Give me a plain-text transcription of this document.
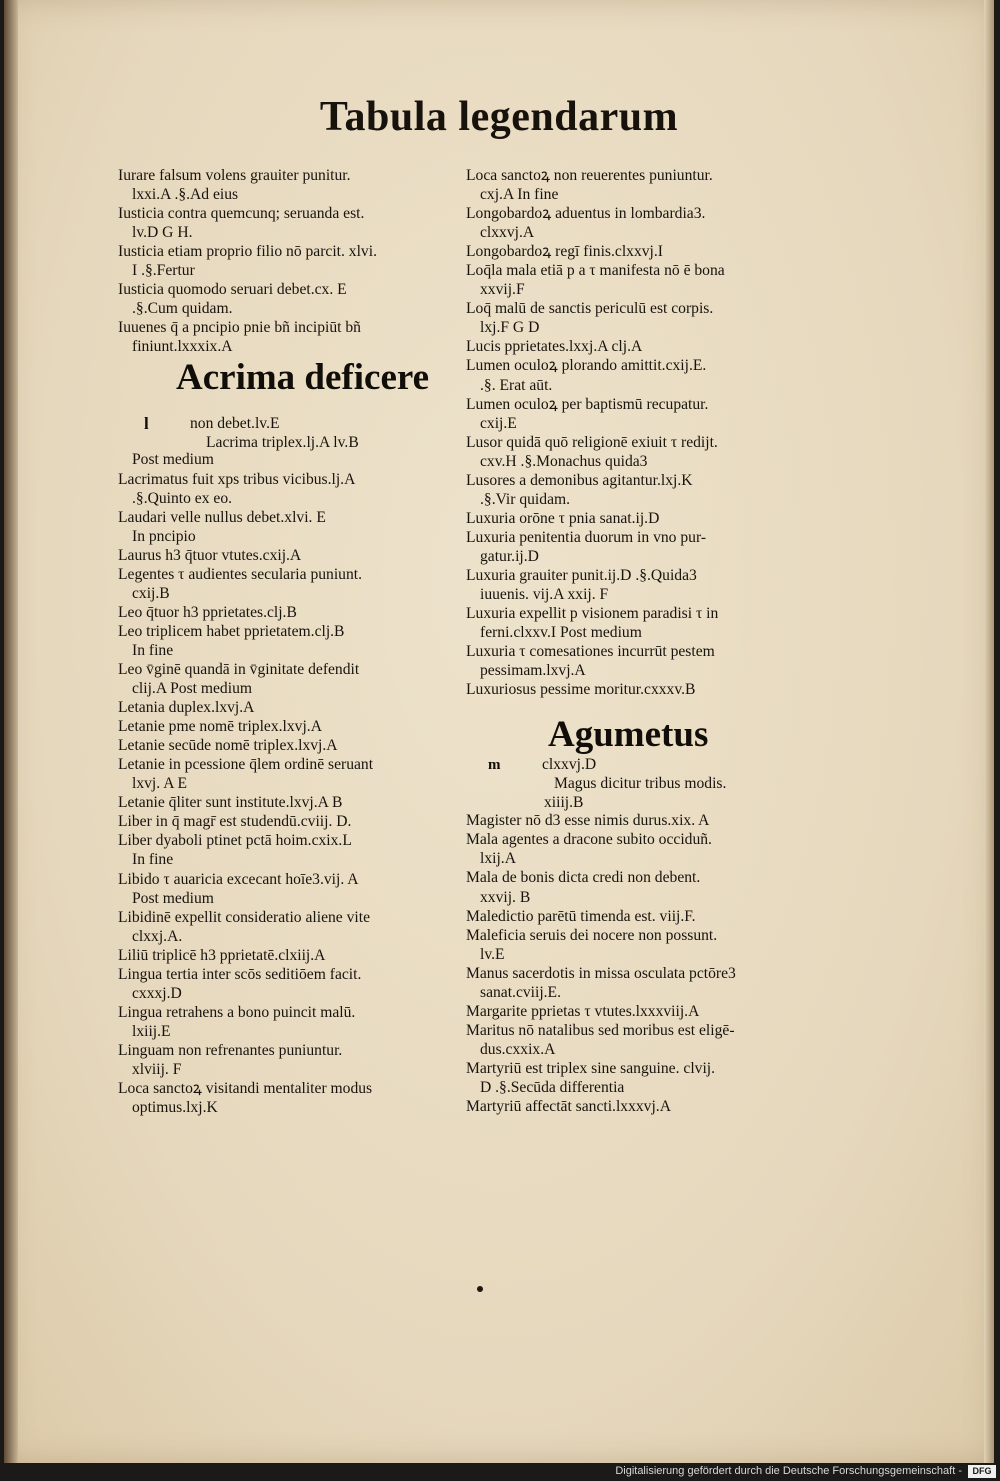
Tabula legendarum
Iurare falsum volens grauiter punitur.
lxxi.A .§.Ad eius
Iusticia contra quemcunq; seruanda est.
lv.D G H.
Iusticia etiam proprio filio nō parcit. xlvi.
I .§.Fertur
Iusticia quomodo seruari debet.cx. E
.§.Cum quidam.
Iuuenes q̄ a pncipio pnie bñ incipiūt bñ
finiunt.lxxxix.A
Acrima deficere
l	non debet.lv.E
Lacrima triplex.lj.A lv.B
Post medium
Lacrimatus fuit xps tribus vicibus.lj.A
.§.Quinto ex eo.
Laudari velle nullus debet.xlvi. E
In pncipio
Laurus h3 q̄tuor vtutes.cxij.A
Legentes τ audientes secularia puniunt.
cxij.B
Leo q̄tuor h3 pprietates.clj.B
Leo triplicem habet pprietatem.clj.B
In fine
Leo v̄ginē quandā in v̄ginitate defendit
clij.A Post medium
Letania duplex.lxvj.A
Letanie pme nomē triplex.lxvj.A
Letanie secūde nomē triplex.lxvj.A
Letanie in pcessione q̄lem ordinē seruant
lxvj. A E
Letanie q̄liter sunt institute.lxvj.A B
Liber in q̄ magr̄ est studendū.cviij. D.
Liber dyaboli ptinet pctā hoim.cxix.L
In fine
Libido τ auaricia excecant hoīe3.vij. A
Post medium
Libidinē expellit consideratio aliene vite
clxxj.A.
Liliū triplicē h3 pprietatē.clxiij.A
Lingua tertia inter scōs seditiōem facit.
cxxxj.D
Lingua retrahens a bono puincit malū.
lxiij.E
Linguam non refrenantes puniuntur.
xlviij. F
Loca sanctoꝝ visitandi mentaliter modus
optimus.lxj.K
Loca sanctoꝝ non reuerentes puniuntur.
cxj.A In fine
Longobardoꝝ aduentus in lombardia3.
clxxvj.A
Longobardoꝝ regī finis.clxxvj.I
Loq̄la mala etiā p a τ manifesta nō ē bona
xxvij.F
Loq̄ malū de sanctis periculū est corpis.
lxj.F G D
Lucis pprietates.lxxj.A clj.A
Lumen oculoꝝ plorando amittit.cxij.E.
.§. Erat aūt.
Lumen oculoꝝ per baptismū recupatur.
cxij.E
Lusor quidā quō religionē exiuit τ redijt.
cxv.H .§.Monachus quida3
Lusores a demonibus agitantur.lxj.K
.§.Vir quidam.
Luxuria orōne τ pnia sanat.ij.D
Luxuria penitentia duorum in vno pur-
gatur.ij.D
Luxuria grauiter punit.ij.D .§.Quida3
iuuenis. vij.A xxij. F
Luxuria expellit p visionem paradisi τ in
ferni.clxxv.I Post medium
Luxuria τ comesationes incurrūt pestem
pessimam.lxvj.A
Luxuriosus pessime moritur.cxxxv.B
Agumetus
m	clxxvj.D
Magus dicitur tribus modis.
xiiij.B
Magister nō d3 esse nimis durus.xix. A
Mala agentes a dracone subito occiduñ.
lxij.A
Mala de bonis dicta credi non debent.
xxvij. B
Maledictio parētū timenda est. viij.F.
Maleficia seruis dei nocere non possunt.
lv.E
Manus sacerdotis in missa osculata pctōre3
sanat.cviij.E.
Margarite pprietas τ vtutes.lxxxviij.A
Maritus nō natalibus sed moribus est eligē-
dus.cxxix.A
Martyriū est triplex sine sanguine. clvij.
D .§.Secūda differentia
Martyriū affectāt sancti.lxxxvj.A
Digitalisierung gefördert durch die Deutsche Forschungsgemeinschaft -	DFG
